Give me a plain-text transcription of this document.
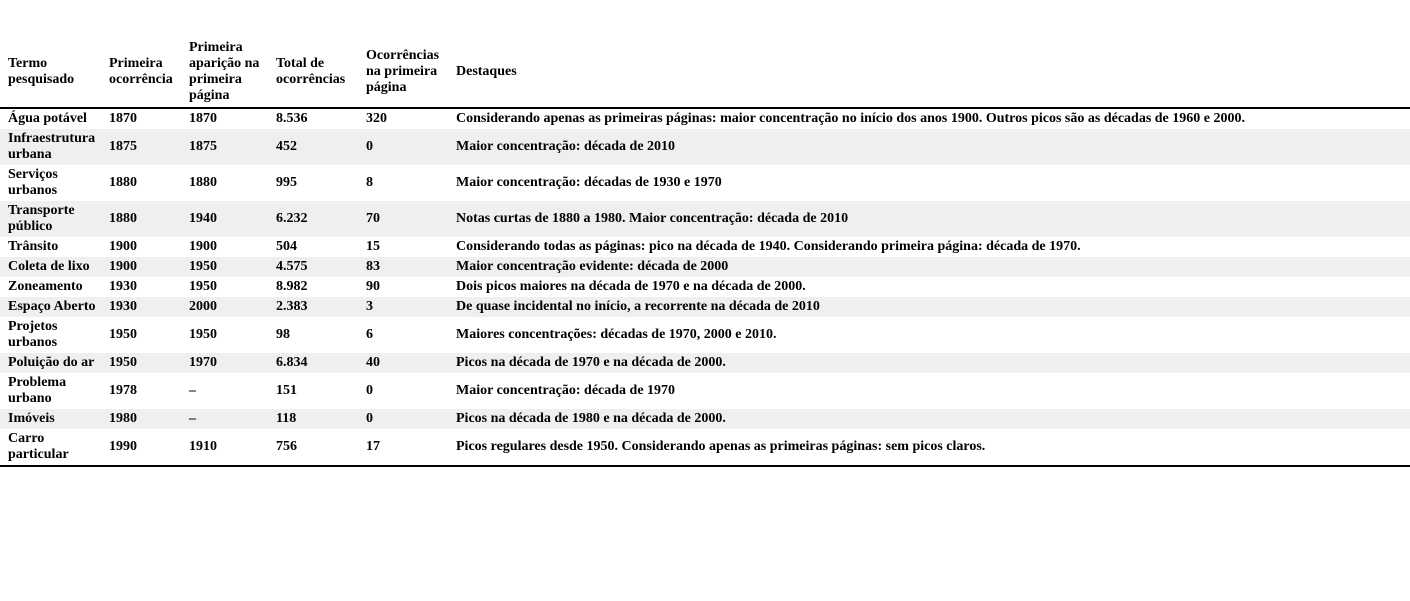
Termo pesquisado	Primeira ocorrência	Primeira aparição na primeira página	Total de ocorrências	Ocorrências na primeira página	Destaques
Água potável	1870	1870	8.536	320	Considerando apenas as primeiras páginas: maior concentração no início dos anos 1900. Outros picos são as décadas de 1960 e 2000.
Infraestrutura urbana	1875	1875	452	0	Maior concentração: década de 2010
Serviços urbanos	1880	1880	995	8	Maior concentração: décadas de 1930 e 1970
Transporte público	1880	1940	6.232	70	Notas curtas de 1880 a 1980. Maior concentração: década de 2010
Trânsito	1900	1900	504	15	Considerando todas as páginas: pico na década de 1940. Considerando primeira página: década de 1970.
Coleta de lixo	1900	1950	4.575	83	Maior concentração evidente: década de 2000
Zoneamento	1930	1950	8.982	90	Dois picos maiores na década de 1970 e na década de 2000.
Espaço Aberto	1930	2000	2.383	3	De quase incidental no início, a recorrente na década de 2010
Projetos urbanos	1950	1950	98	6	Maiores concentrações: décadas de 1970, 2000 e 2010.
Poluição do ar	1950	1970	6.834	40	Picos na década de 1970 e na década de 2000.
Problema urbano	1978	–	151	0	Maior concentração: década de 1970
Imóveis	1980	–	118	0	Picos na década de 1980 e na década de 2000.
Carro particular	1990	1910	756	17	Picos regulares desde 1950. Considerando apenas as primeiras páginas: sem picos claros.
